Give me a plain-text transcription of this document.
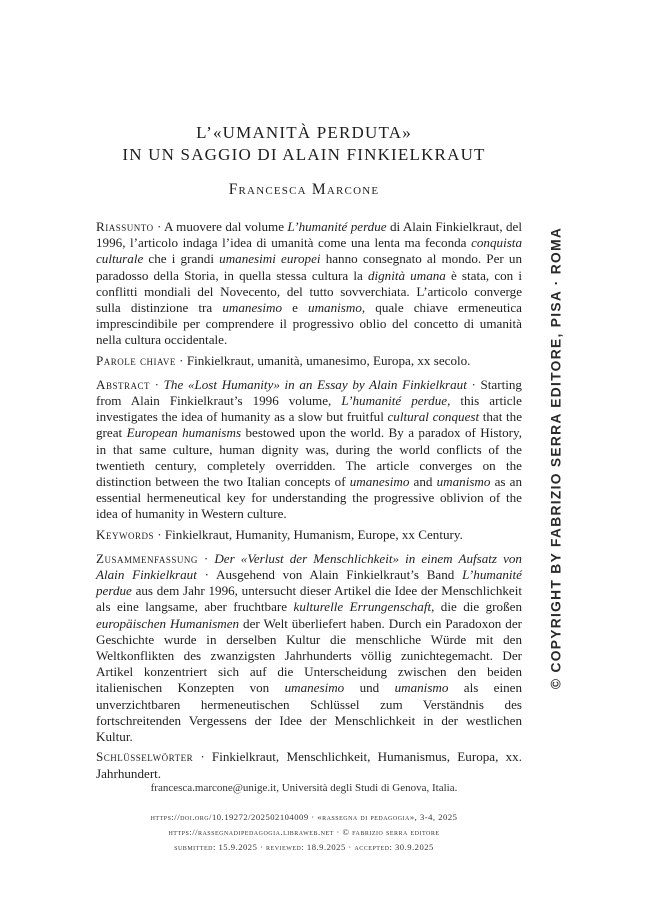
L’«UMANITÀ PERDUTA»
IN UN SAGGIO DI ALAIN FINKIELKRAUT
Francesca Marcone

Riassunto · A muovere dal volume L’humanité perdue di Alain Finkielkraut, del 1996, l’articolo indaga l’idea di umanità come una lenta ma feconda conquista culturale che i grandi umanesimi europei hanno consegnato al mondo. Per un paradosso della Storia, in quella stessa cultura la dignità umana è stata, con i conflitti mondiali del Novecento, del tutto sovverchiata. L’articolo converge sulla distinzione tra umanesimo e umanismo, quale chiave ermeneutica imprescindibile per comprendere il progressivo oblio del concetto di umanità nella cultura occidentale.

Parole chiave · Finkielkraut, umanità, umanesimo, Europa, xx secolo.

Abstract · The «Lost Humanity» in an Essay by Alain Finkielkraut · Starting from Alain Finkielkraut’s 1996 volume, L’humanité perdue, this article investigates the idea of humanity as a slow but fruitful cultural conquest that the great European humanisms bestowed upon the world. By a paradox of History, in that same culture, human dignity was, during the world conflicts of the twentieth century, completely overridden. The article converges on the distinction between the two Italian concepts of umanesimo and umanismo as an essential hermeneutical key for understanding the progressive oblivion of the idea of humanity in Western culture.

Keywords · Finkielkraut, Humanity, Humanism, Europe, xx Century.

Zusammenfassung · Der «Verlust der Menschlichkeit» in einem Aufsatz von Alain Finkielkraut · Ausgehend von Alain Finkielkraut’s Band L’humanité perdue aus dem Jahr 1996, untersucht dieser Artikel die Idee der Menschlichkeit als eine langsame, aber fruchtbare kulturelle Errungenschaft, die die großen europäischen Humanismen der Welt überliefert haben. Durch ein Paradoxon der Geschichte wurde in derselben Kultur die menschliche Würde mit den Weltkonflikten des zwanzigsten Jahrhunderts völlig zunichtegemacht. Der Artikel konzentriert sich auf die Unterscheidung zwischen den beiden italienischen Konzepten von umanesimo und umanismo als einen unverzichtbaren hermeneutischen Schlüssel zum Verständnis des fortschreitenden Vergessens der Idee der Menschlichkeit in der westlichen Kultur.

Schlüsselwörter · Finkielkraut, Menschlichkeit, Humanismus, Europa, xx. Jahrhundert.

francesca.marcone@unige.it, Università degli Studi di Genova, Italia.
https://doi.org/10.19272/202502104009 · «rassegna di pedagogia», 3-4, 2025
https://rassegnadipedagogia.libraweb.net · © fabrizio serra editore
submitted: 15.9.2025 · reviewed: 18.9.2025 · accepted: 30.9.2025
© COPYRIGHT BY FABRIZIO SERRA EDITORE, PISA · ROMA
